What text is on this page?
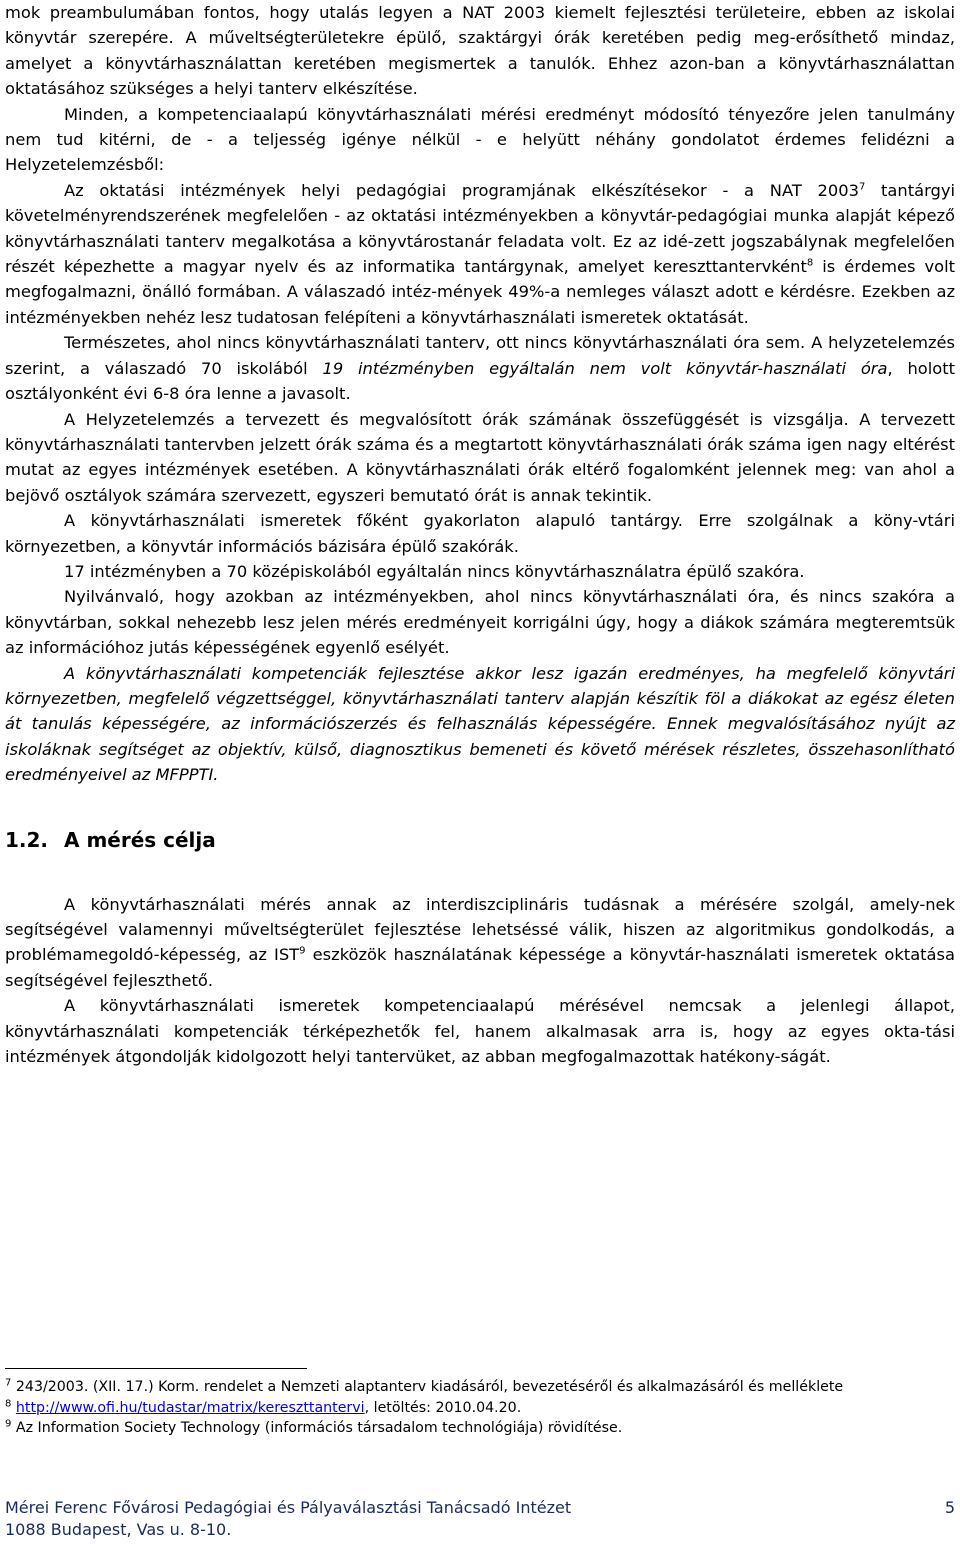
mok preambulumában fontos, hogy utalás legyen a NAT 2003 kiemelt fejlesztési területeire, ebben az iskolai könyvtár szerepére. A műveltségterületekre épülő, szaktárgyi órák keretében pedig meg-erősíthető mindaz, amelyet a könyvtárhasználattan keretében megismertek a tanulók. Ehhez azon-ban a könyvtárhasználattan oktatásához szükséges a helyi tanterv elkészítése.

Minden, a kompetenciaalapú könyvtárhasználati mérési eredményt módosító tényezőre jelen tanulmány nem tud kitérni, de - a teljesség igénye nélkül - e helyütt néhány gondolatot érdemes felidézni a Helyzetelemzésből:

Az oktatási intézmények helyi pedagógiai programjának elkészítésekor - a NAT 2003$^7$ tantárgyi követelményrendszerének megfelelően - az oktatási intézményekben a könyvtár-pedagógiai munka alapját képező könyvtárhasználati tanterv megalkotása a könyvtárostanár feladata volt. Ez az idé-zett jogszabálynak megfelelően részét képezhette a magyar nyelv és az informatika tantárgynak, amelyet kereszttantervként$^8$ is érdemes volt megfogalmazni, önálló formában. A válaszadó intéz-mények 49%-a nemleges választ adott e kérdésre. Ezekben az intézményekben nehéz lesz tudatosan felépíteni a könyvtárhasználati ismeretek oktatását.

Természetes, ahol nincs könyvtárhasználati tanterv, ott nincs könyvtárhasználati óra sem. A helyzetelemzés szerint, a válaszadó 70 iskolából 19 intézményben egyáltalán nem volt könyvtár-használati óra, holott osztályonként évi 6-8 óra lenne a javasolt.

A Helyzetelemzés a tervezett és megvalósított órák számának összefüggését is vizsgálja. A tervezett könyvtárhasználati tantervben jelzett órák száma és a megtartott könyvtárhasználati órák száma igen nagy eltérést mutat az egyes intézmények esetében. A könyvtárhasználati órák eltérő fogalomként jelennek meg: van ahol a bejövő osztályok számára szervezett, egyszeri bemutató órát is annak tekintik.

A könyvtárhasználati ismeretek főként gyakorlaton alapuló tantárgy. Erre szolgálnak a köny-vtári környezetben, a könyvtár információs bázisára épülő szakórák.

17 intézményben a 70 középiskolából egyáltalán nincs könyvtárhasználatra épülő szakóra.

Nyilvánvaló, hogy azokban az intézményekben, ahol nincs könyvtárhasználati óra, és nincs szakóra a könyvtárban, sokkal nehezebb lesz jelen mérés eredményeit korrigálni úgy, hogy a diákok számára megteremtsük az információhoz jutás képességének egyenlő esélyét.

A könyvtárhasználati kompetenciák fejlesztése akkor lesz igazán eredményes, ha megfelelő könyvtári környezetben, megfelelő végzettséggel, könyvtárhasználati tanterv alapján készítik föl a diákokat az egész életen át tanulás képességére, az információszerzés és felhasználás képességére. Ennek megvalósításához nyújt az iskoláknak segítséget az objektív, külső, diagnosztikus bemeneti és követő mérések részletes, összehasonlítható eredményeivel az MFPPTI.

1.2. A mérés célja

A könyvtárhasználati mérés annak az interdiszciplináris tudásnak a mérésére szolgál, amely-nek segítségével valamennyi műveltségterület fejlesztése lehetséssé válik, hiszen az algoritmikus gondolkodás, a problémamegoldó-képesség, az IST$^9$ eszközök használatának képessége a könyvtár-használati ismeretek oktatása segítségével fejleszthető.

A könyvtárhasználati ismeretek kompetenciaalapú mérésével nemcsak a jelenlegi állapot, könyvtárhasználati kompetenciák térképezhetők fel, hanem alkalmasak arra is, hogy az egyes okta-tási intézmények átgondolják kidolgozott helyi tantervüket, az abban megfogalmazottak hatékony-ságát.

$^7$ 243/2003. (XII. 17.) Korm. rendelet a Nemzeti alaptanterv kiadásáról, bevezetéséről és alkalmazásáról és melléklete

$^8$ http://www.ofi.hu/tudastar/matrix/kereszttantervi, letöltés: 2010.04.20.

$^9$ Az Information Society Technology (információs társadalom technológiája) rövidítése.

Mérei Ferenc Fővárosi Pedagógiai és Pályaválasztási Tanácsadó Intézet	5
1088 Budapest, Vas u. 8-10.
